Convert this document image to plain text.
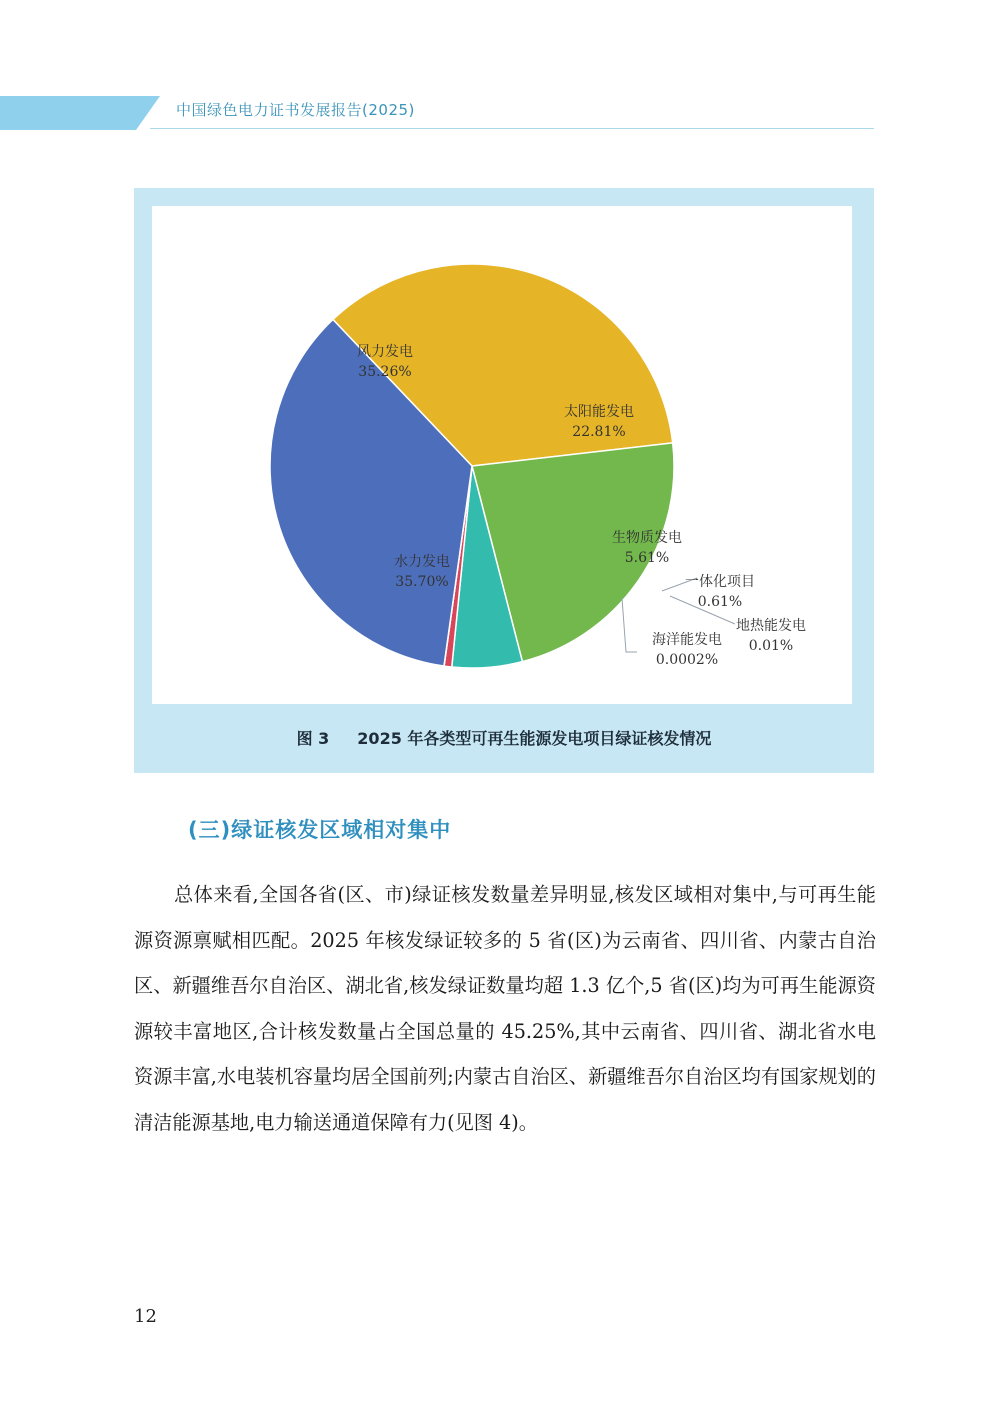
中国绿色电力证书发展报告(2025)
风力发电
35.26%
太阳能发电
22.81%
生物质发电
5.61%
一体化项目
0.61%
地热能发电
0.01%
海洋能发电
0.0002%
水力发电
35.70%
图 3 2025 年各类型可再生能源发电项目绿证核发情况
(三)绿证核发区域相对集中

总体来看,全国各省(区、市)绿证核发数量差异明显,核发区域相对集中,与可再生能源资源禀赋相匹配。2025 年核发绿证较多的 5 省(区)为云南省、四川省、内蒙古自治区、新疆维吾尔自治区、湖北省,核发绿证数量均超 1.3 亿个,5 省(区)均为可再生能源资源较丰富地区,合计核发数量占全国总量的 45.25%,其中云南省、四川省、湖北省水电资源丰富,水电装机容量均居全国前列;内蒙古自治区、新疆维吾尔自治区均有国家规划的清洁能源基地,电力输送通道保障有力(见图 4)。

12
